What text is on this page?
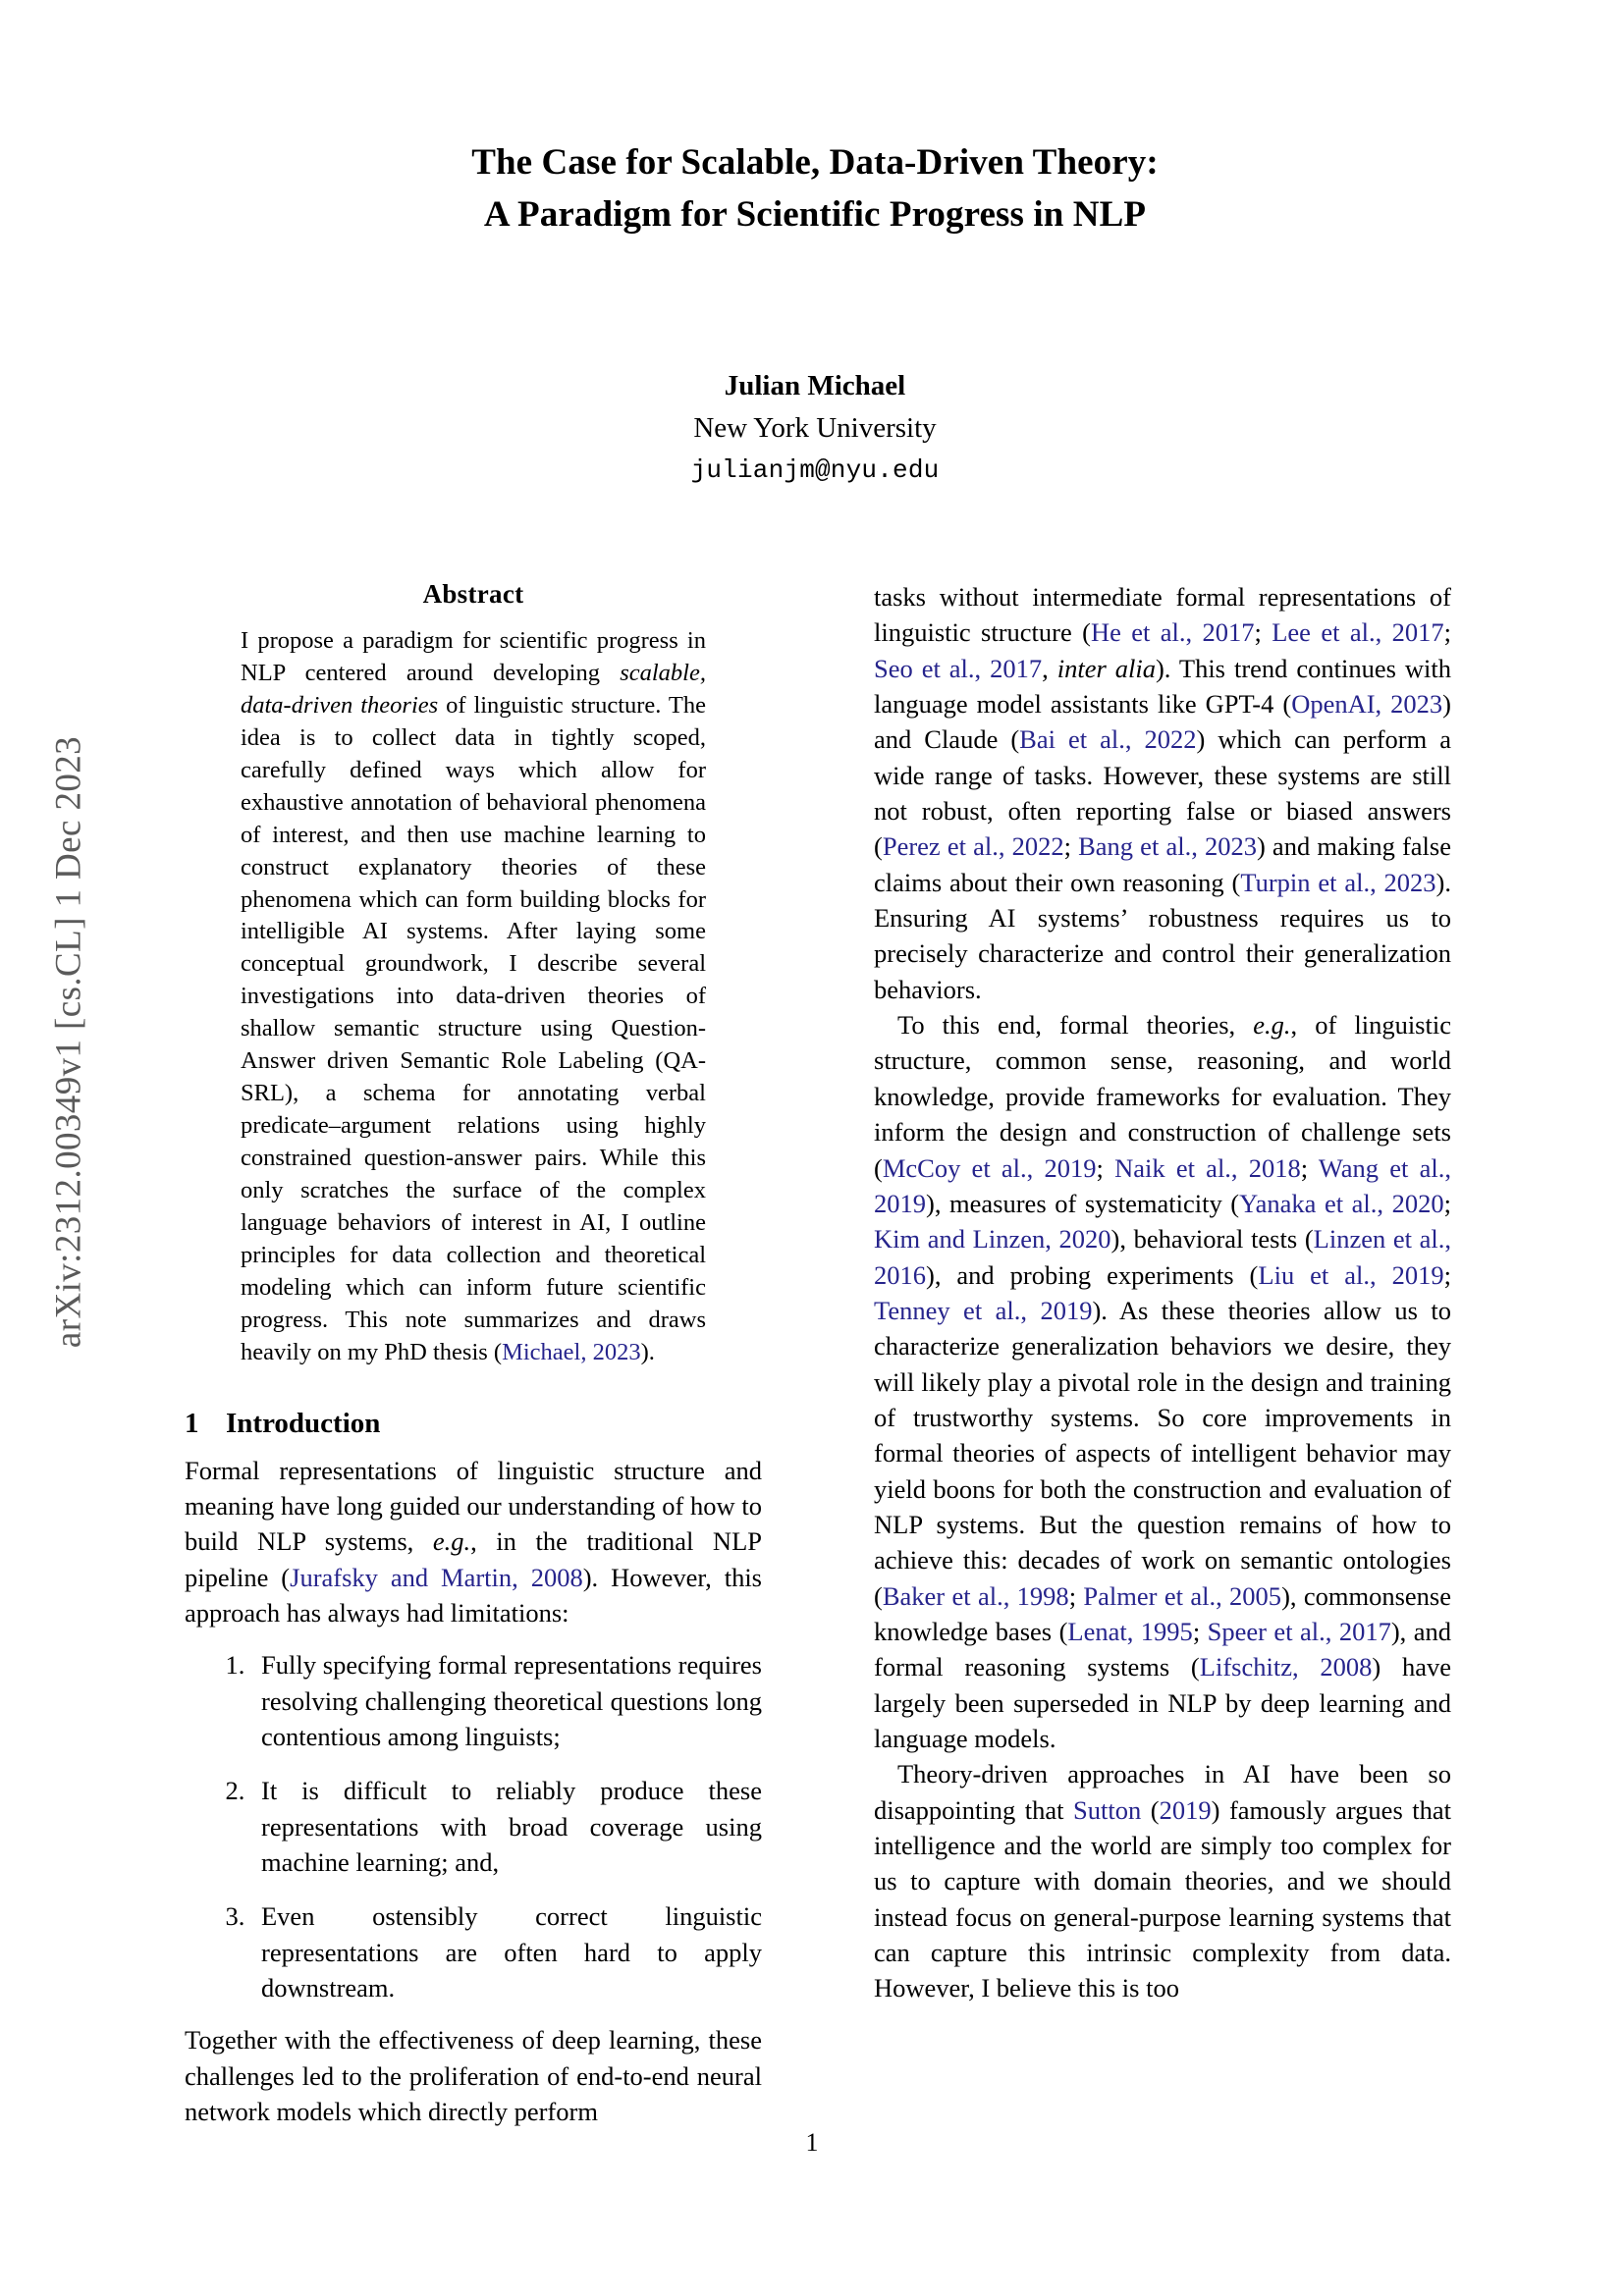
arXiv:2312.00349v1 [cs.CL] 1 Dec 2023
The Case for Scalable, Data-Driven Theory:
A Paradigm for Scientific Progress in NLP
Julian Michael
New York University
julianjm@nyu.edu
Abstract
I propose a paradigm for scientific progress in NLP centered around developing scalable, data-driven theories of linguistic structure. The idea is to collect data in tightly scoped, carefully defined ways which allow for exhaustive annotation of behavioral phenomena of interest, and then use machine learning to construct explanatory theories of these phenomena which can form building blocks for intelligible AI systems. After laying some conceptual groundwork, I describe several investigations into data-driven theories of shallow semantic structure using Question-Answer driven Semantic Role Labeling (QA-SRL), a schema for annotating verbal predicate–argument relations using highly constrained question-answer pairs. While this only scratches the surface of the complex language behaviors of interest in AI, I outline principles for data collection and theoretical modeling which can inform future scientific progress. This note summarizes and draws heavily on my PhD thesis (Michael, 2023).
1 Introduction

Formal representations of linguistic structure and meaning have long guided our understanding of how to build NLP systems, e.g., in the traditional NLP pipeline (Jurafsky and Martin, 2008). However, this approach has always had limitations:

1. Fully specifying formal representations requires resolving challenging theoretical questions long contentious among linguists;
2. It is difficult to reliably produce these representations with broad coverage using machine learning; and,
3. Even ostensibly correct linguistic representations are often hard to apply downstream.

Together with the effectiveness of deep learning, these challenges led to the proliferation of end-to-end neural network models which directly perform

tasks without intermediate formal representations of linguistic structure (He et al., 2017; Lee et al., 2017; Seo et al., 2017, inter alia). This trend continues with language model assistants like GPT-4 (OpenAI, 2023) and Claude (Bai et al., 2022) which can perform a wide range of tasks. However, these systems are still not robust, often reporting false or biased answers (Perez et al., 2022; Bang et al., 2023) and making false claims about their own reasoning (Turpin et al., 2023). Ensuring AI systems’ robustness requires us to precisely characterize and control their generalization behaviors.

To this end, formal theories, e.g., of linguistic structure, common sense, reasoning, and world knowledge, provide frameworks for evaluation. They inform the design and construction of challenge sets (McCoy et al., 2019; Naik et al., 2018; Wang et al., 2019), measures of systematicity (Yanaka et al., 2020; Kim and Linzen, 2020), behavioral tests (Linzen et al., 2016), and probing experiments (Liu et al., 2019; Tenney et al., 2019). As these theories allow us to characterize generalization behaviors we desire, they will likely play a pivotal role in the design and training of trustworthy systems. So core improvements in formal theories of aspects of intelligent behavior may yield boons for both the construction and evaluation of NLP systems. But the question remains of how to achieve this: decades of work on semantic ontologies (Baker et al., 1998; Palmer et al., 2005), commonsense knowledge bases (Lenat, 1995; Speer et al., 2017), and formal reasoning systems (Lifschitz, 2008) have largely been superseded in NLP by deep learning and language models.

Theory-driven approaches in AI have been so disappointing that Sutton (2019) famously argues that intelligence and the world are simply too complex for us to capture with domain theories, and we should instead focus on general-purpose learning systems that can capture this intrinsic complexity from data. However, I believe this is too

1
